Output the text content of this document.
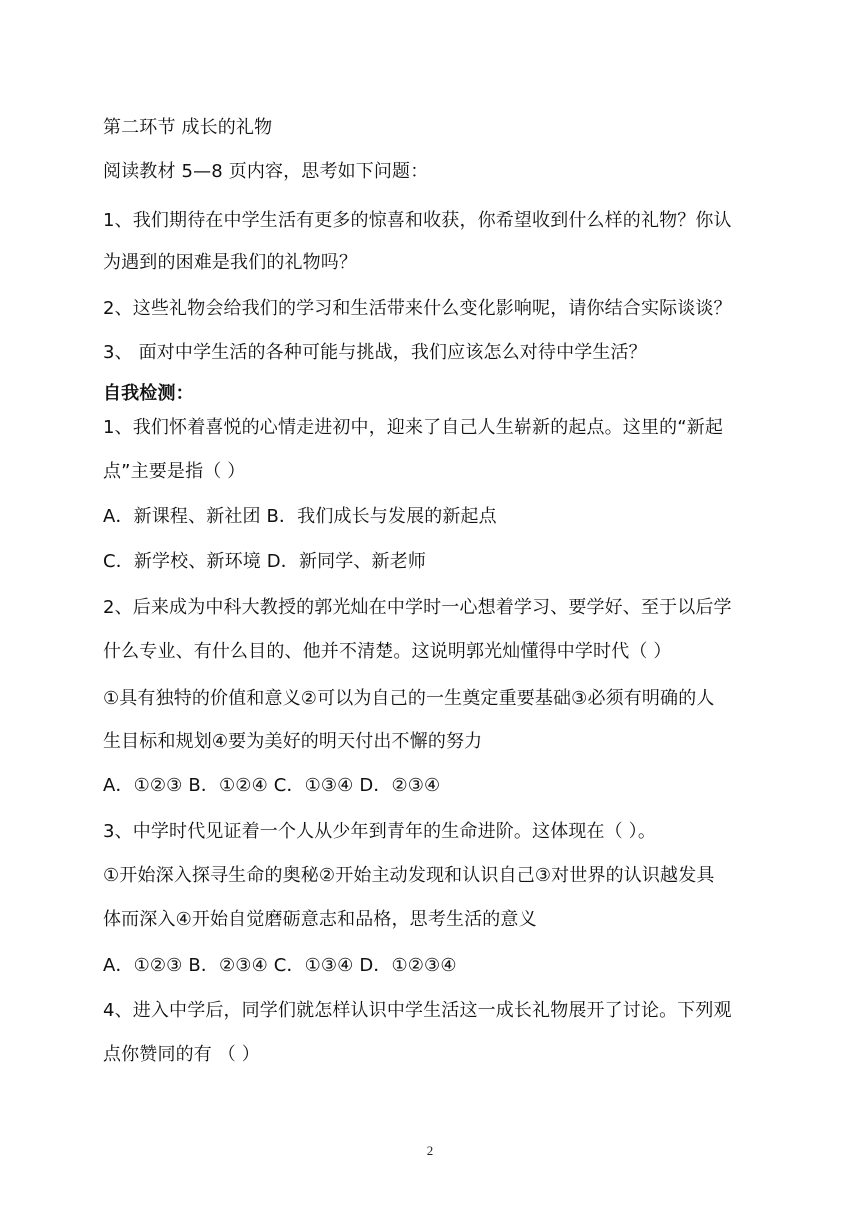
第二环节 成长的礼物
阅读教材 5—8 页内容，思考如下问题：
1、我们期待在中学生活有更多的惊喜和收获，你希望收到什么样的礼物？你认
为遇到的困难是我们的礼物吗？
2、这些礼物会给我们的学习和生活带来什么变化影响呢，请你结合实际谈谈？
3、 面对中学生活的各种可能与挑战，我们应该怎么对待中学生活？
自我检测：
1、我们怀着喜悦的心情走进初中，迎来了自己人生崭新的起点。这里的“新起
点”主要是指（ ）
A．新课程、新社团 B．我们成长与发展的新起点
C．新学校、新环境 D．新同学、新老师
2、后来成为中科大教授的郭光灿在中学时一心想着学习、要学好、至于以后学
什么专业、有什么目的、他并不清楚。这说明郭光灿懂得中学时代（ ）
①具有独特的价值和意义②可以为自己的一生奠定重要基础③必须有明确的人
生目标和规划④要为美好的明天付出不懈的努力
A．①②③ B．①②④ C．①③④ D．②③④
3、中学时代见证着一个人从少年到青年的生命进阶。这体现在（ ）。
①开始深入探寻生命的奥秘②开始主动发现和认识自己③对世界的认识越发具
体而深入④开始自觉磨砺意志和品格，思考生活的意义
A．①②③ B．②③④ C．①③④ D．①②③④
4、进入中学后，同学们就怎样认识中学生活这一成长礼物展开了讨论。下列观
点你赞同的有 （ ）
2
